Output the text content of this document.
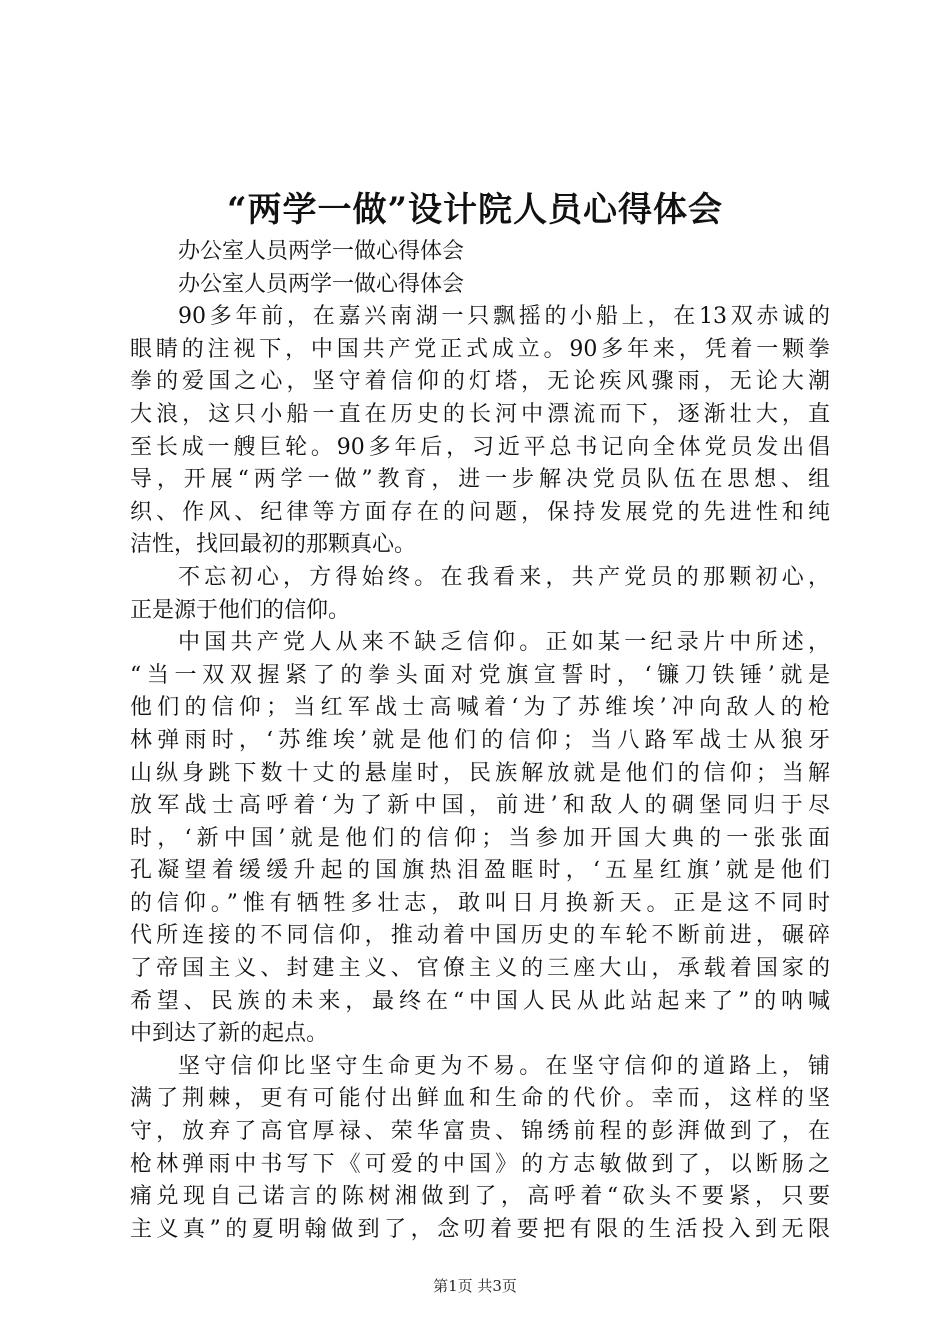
“两学一做”设计院人员心得体会
办公室人员两学一做心得体会
办公室人员两学一做心得体会
90多年前，在嘉兴南湖一只飘摇的小船上，在13双赤诚的
眼睛的注视下，中国共产党正式成立。90多年来，凭着一颗拳
拳的爱国之心，坚守着信仰的灯塔，无论疾风骤雨，无论大潮
大浪，这只小船一直在历史的长河中漂流而下，逐渐壮大，直
至长成一艘巨轮。90多年后，习近平总书记向全体党员发出倡
导，开展“两学一做”教育，进一步解决党员队伍在思想、组
织、作风、纪律等方面存在的问题，保持发展党的先进性和纯
洁性，找回最初的那颗真心。
不忘初心，方得始终。在我看来，共产党员的那颗初心，
正是源于他们的信仰。
中国共产党人从来不缺乏信仰。正如某一纪录片中所述，
“当一双双握紧了的拳头面对党旗宣誓时，‘镰刀铁锤’就是
他们的信仰；当红军战士高喊着‘为了苏维埃’冲向敌人的枪
林弹雨时，‘苏维埃’就是他们的信仰；当八路军战士从狼牙
山纵身跳下数十丈的悬崖时，民族解放就是他们的信仰；当解
放军战士高呼着‘为了新中国，前进’和敌人的碉堡同归于尽
时，‘新中国’就是他们的信仰；当参加开国大典的一张张面
孔凝望着缓缓升起的国旗热泪盈眶时，‘五星红旗’就是他们
的信仰。”惟有牺牲多壮志，敢叫日月换新天。正是这不同时
代所连接的不同信仰，推动着中国历史的车轮不断前进，碾碎
了帝国主义、封建主义、官僚主义的三座大山，承载着国家的
希望、民族的未来，最终在“中国人民从此站起来了”的呐喊
中到达了新的起点。
坚守信仰比坚守生命更为不易。在坚守信仰的道路上，铺
满了荆棘，更有可能付出鲜血和生命的代价。幸而，这样的坚
守，放弃了高官厚禄、荣华富贵、锦绣前程的彭湃做到了，在
枪林弹雨中书写下《可爱的中国》的方志敏做到了，以断肠之
痛兑现自己诺言的陈树湘做到了，高呼着“砍头不要紧，只要
主义真”的夏明翰做到了，念叨着要把有限的生活投入到无限
第1页 共3页
